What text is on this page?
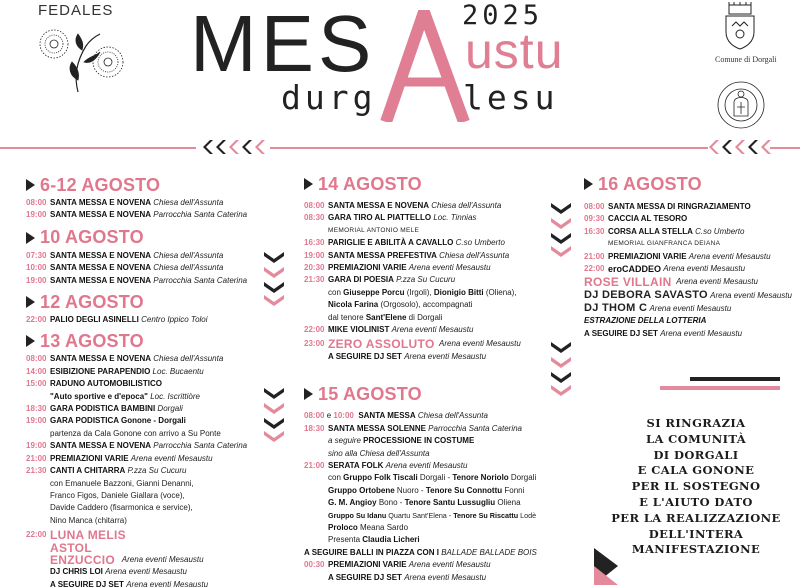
FEDALES	2025
MES ustu
durg	lesu
Comune di Dorgali
6-12 AGOSTO
08:00 SANTA MESSA E NOVENA
Chiesa dell'Assunta
19:00 SANTA MESSA E NOVENA
Parrocchia Santa Caterina
10 AGOSTO
07:30 SANTA MESSA E NOVENA
Chiesa dell'Assunta
10:00 SANTA MESSA E NOVENA
Chiesa dell'Assunta
19:00 SANTA MESSA E NOVENA
Parrocchia Santa Caterina
12 AGOSTO
22:00 PALIO DEGLI ASINELLI
Centro Ippico Toloi
13 AGOSTO
08:00 SANTA MESSA E NOVENA
Chiesa dell'Assunta
14:00 ESIBIZIONE PARAPENDIO
Loc. Bucaentu
15:00 RADUNO AUTOMOBILISTICO
"Auto sportive e d'epoca"
Loc. Iscrittiòre
18:30 GARA PODISTICA BAMBINI
Dorgali
19:00 GARA PODISTICA Gonone - Dorgali
partenza da Cala Gonone con arrivo a Su Ponte
19:00 SANTA MESSA E NOVENA
Parrocchia Santa Caterina
21:00 PREMIAZIONI VARIE
Arena eventi Mesaustu
21:30 CANTI A CHITARRA
P.zza Su Cucuru
con Emanuele Bazzoni, Gianni Denanni,
Franco Figos, Daniele Giallara (voce),
Davide Caddero (fisarmonica e service),
Nino Manca (chitarra)
22:00 LUNA MELIS
ASTOL
ENZUCCIO
Arena eventi Mesaustu
DJ CHRIS LOI
Arena eventi Mesaustu
A SEGUIRE DJ SET
Arena eventi Mesaustu
14 AGOSTO
08:00 SANTA MESSA E NOVENA
Chiesa dell'Assunta
08:30 GARA TIRO AL PIATTELLO
Loc. Tinnias
MEMORIAL ANTONIO MELE
16:30 PARIGLIE E ABILITÀ A CAVALLO
C.so Umberto
19:00 SANTA MESSA PREFESTIVA
Chiesa dell'Assunta
20:30 PREMIAZIONI VARIE
Arena eventi Mesaustu
21:30 GARA DI POESIA
P.zza Su Cucuru
con
Giuseppe Porcu
(Irgoli),
Dionigio Bitti
(Oliena),
Nicola Farina
(Orgosolo), accompagnati
dal tenore
Sant'Elene
di Dorgali
22:00 MIKE VIOLINIST
Arena eventi Mesaustu
23:00 ZERO ASSOLUTO
Arena eventi Mesaustu
A SEGUIRE DJ SET
Arena eventi Mesaustu
15 AGOSTO
08:00
e
10:00
SANTA MESSA
Chiesa dell'Assunta
18:30 SANTA MESSA SOLENNE
Parrocchia Santa Caterina
a seguire
PROCESSIONE IN COSTUME
sino alla Chiesa dell'Assunta
21:00 SERATA FOLK
Arena eventi Mesaustu
con
Gruppo Folk Tiscali
Dorgali -
Tenore Noriolo
Dorgali
Gruppo Ortobene
Nuoro -
Tenore Su Connottu
Fonni
G. M. Angioy
Bono -
Tenore Santu Lussugliu
Oliena
Gruppo Su Idanu
Quartu Sant'Elena -
Tenore Su Riscattu
Lodè
Proloco
Meana Sardo
Presenta
Claudia Licheri
A SEGUIRE BALLI IN PIAZZA CON I
BALLADE BALLADE BOIS
00:30 PREMIAZIONI VARIE
Arena eventi Mesaustu
A SEGUIRE DJ SET
Arena eventi Mesaustu
16 AGOSTO
08:00 SANTA MESSA DI RINGRAZIAMENTO
09:30 CACCIA AL TESORO
16:30 CORSA ALLA STELLA
C.so Umberto
MEMORIAL GIANFRANCA DEIANA
21:00 PREMIAZIONI VARIE
Arena eventi Mesaustu
22:00 eroCADDEO
Arena eventi Mesaustu
ROSE VILLAIN
Arena eventi Mesaustu
DJ DEBORA SAVASTO
Arena eventi Mesaustu
DJ THOM C
Arena eventi Mesaustu
ESTRAZIONE DELLA LOTTERIA
A SEGUIRE DJ SET
Arena eventi Mesaustu
SI RINGRAZIA
LA COMUNITÀ
DI DORGALI
E CALA GONONE
PER IL SOSTEGNO
E L'AIUTO DATO
PER LA REALIZZAZIONE
DELL'INTERA
MANIFESTAZIONE
